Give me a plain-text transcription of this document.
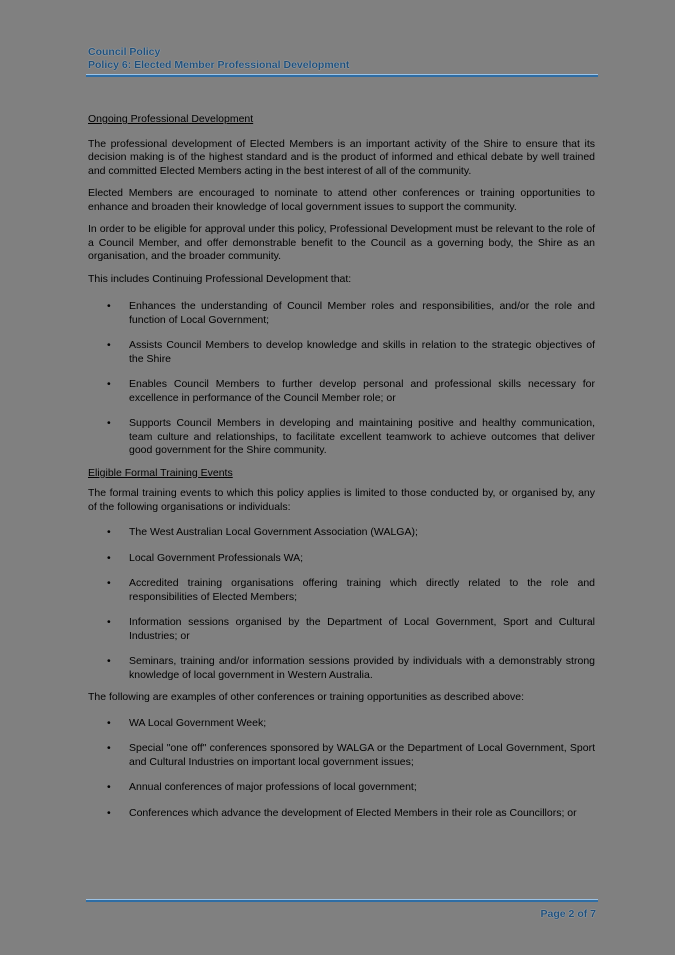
Council Policy
Policy 6: Elected Member Professional Development
Ongoing Professional Development

The professional development of Elected Members is an important activity of the Shire to ensure that its decision making is of the highest standard and is the product of informed and ethical debate by well trained and committed Elected Members acting in the best interest of all of the community.

Elected Members are encouraged to nominate to attend other conferences or training opportunities to enhance and broaden their knowledge of local government issues to support the community.

In order to be eligible for approval under this policy, Professional Development must be relevant to the role of a Council Member, and offer demonstrable benefit to the Council as a governing body, the Shire as an organisation, and the broader community.

This includes Continuing Professional Development that:

• Enhances the understanding of Council Member roles and responsibilities, and/or the role and function of Local Government;
• Assists Council Members to develop knowledge and skills in relation to the strategic objectives of the Shire
• Enables Council Members to further develop personal and professional skills necessary for excellence in performance of the Council Member role; or
• Supports Council Members in developing and maintaining positive and healthy communication, team culture and relationships, to facilitate excellent teamwork to achieve outcomes that deliver good government for the Shire community.
Eligible Formal Training Events

The formal training events to which this policy applies is limited to those conducted by, or organised by, any of the following organisations or individuals:

• The West Australian Local Government Association (WALGA);
• Local Government Professionals WA;
• Accredited training organisations offering training which directly related to the role and responsibilities of Elected Members;
• Information sessions organised by the Department of Local Government, Sport and Cultural Industries; or
• Seminars, training and/or information sessions provided by individuals with a demonstrably strong knowledge of local government in Western Australia.

The following are examples of other conferences or training opportunities as described above:

• WA Local Government Week;
• Special "one off" conferences sponsored by WALGA or the Department of Local Government, Sport and Cultural Industries on important local government issues;
• Annual conferences of major professions of local government;
• Conferences which advance the development of Elected Members in their role as Councillors; or
Page 2 of 7
